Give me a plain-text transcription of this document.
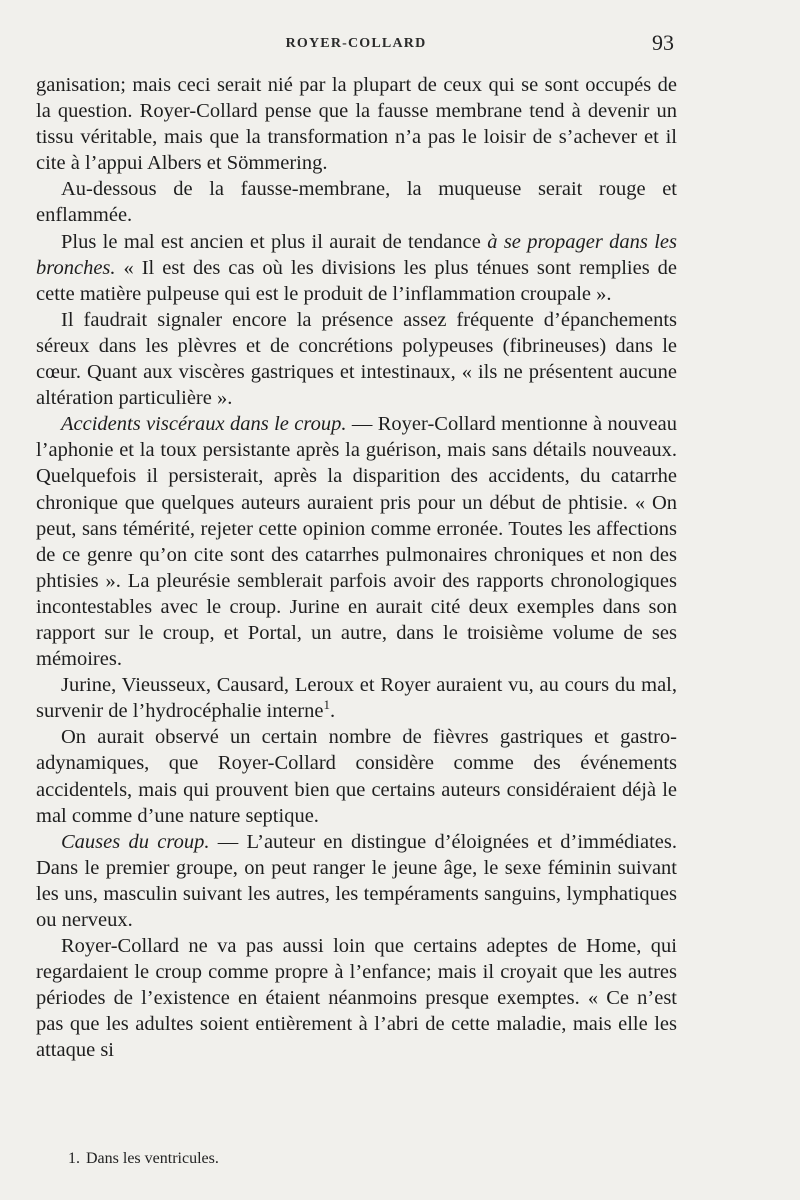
ROYER-COLLARD	93

ganisation; mais ceci serait nié par la plupart de ceux qui se sont occupés de la question. Royer-Collard pense que la fausse membrane tend à devenir un tissu véritable, mais que la transformation n’a pas le loisir de s’achever et il cite à l’appui Albers et Sömmering.

Au-dessous de la fausse-membrane, la muqueuse serait rouge et enflammée.

Plus le mal est ancien et plus il aurait de tendance à se propager dans les bronches. « Il est des cas où les divisions les plus ténues sont remplies de cette matière pulpeuse qui est le produit de l’inflammation croupale ».

Il faudrait signaler encore la présence assez fréquente d’épanchements séreux dans les plèvres et de concrétions polypeuses (fibrineuses) dans le cœur. Quant aux viscères gastriques et intestinaux, « ils ne présentent aucune altération particulière ».

Accidents viscéraux dans le croup. — Royer-Collard mentionne à nouveau l’aphonie et la toux persistante après la guérison, mais sans détails nouveaux. Quelquefois il persisterait, après la disparition des accidents, du catarrhe chronique que quelques auteurs auraient pris pour un début de phtisie. « On peut, sans témérité, rejeter cette opinion comme erronée. Toutes les affections de ce genre qu’on cite sont des catarrhes pulmonaires chroniques et non des phtisies ». La pleurésie semblerait parfois avoir des rapports chronologiques incontestables avec le croup. Jurine en aurait cité deux exemples dans son rapport sur le croup, et Portal, un autre, dans le troisième volume de ses mémoires.

Jurine, Vieusseux, Causard, Leroux et Royer auraient vu, au cours du mal, survenir de l’hydrocéphalie interne$^1$.

On aurait observé un certain nombre de fièvres gastriques et gastro-adynamiques, que Royer-Collard considère comme des événements accidentels, mais qui prouvent bien que certains auteurs considéraient déjà le mal comme d’une nature septique.

Causes du croup. — L’auteur en distingue d’éloignées et d’immédiates. Dans le premier groupe, on peut ranger le jeune âge, le sexe féminin suivant les uns, masculin suivant les autres, les tempéraments sanguins, lymphatiques ou nerveux.

Royer-Collard ne va pas aussi loin que certains adeptes de Home, qui regardaient le croup comme propre à l’enfance; mais il croyait que les autres périodes de l’existence en étaient néanmoins presque exemptes. « Ce n’est pas que les adultes soient entièrement à l’abri de cette maladie, mais elle les attaque si

1. Dans les ventricules.
